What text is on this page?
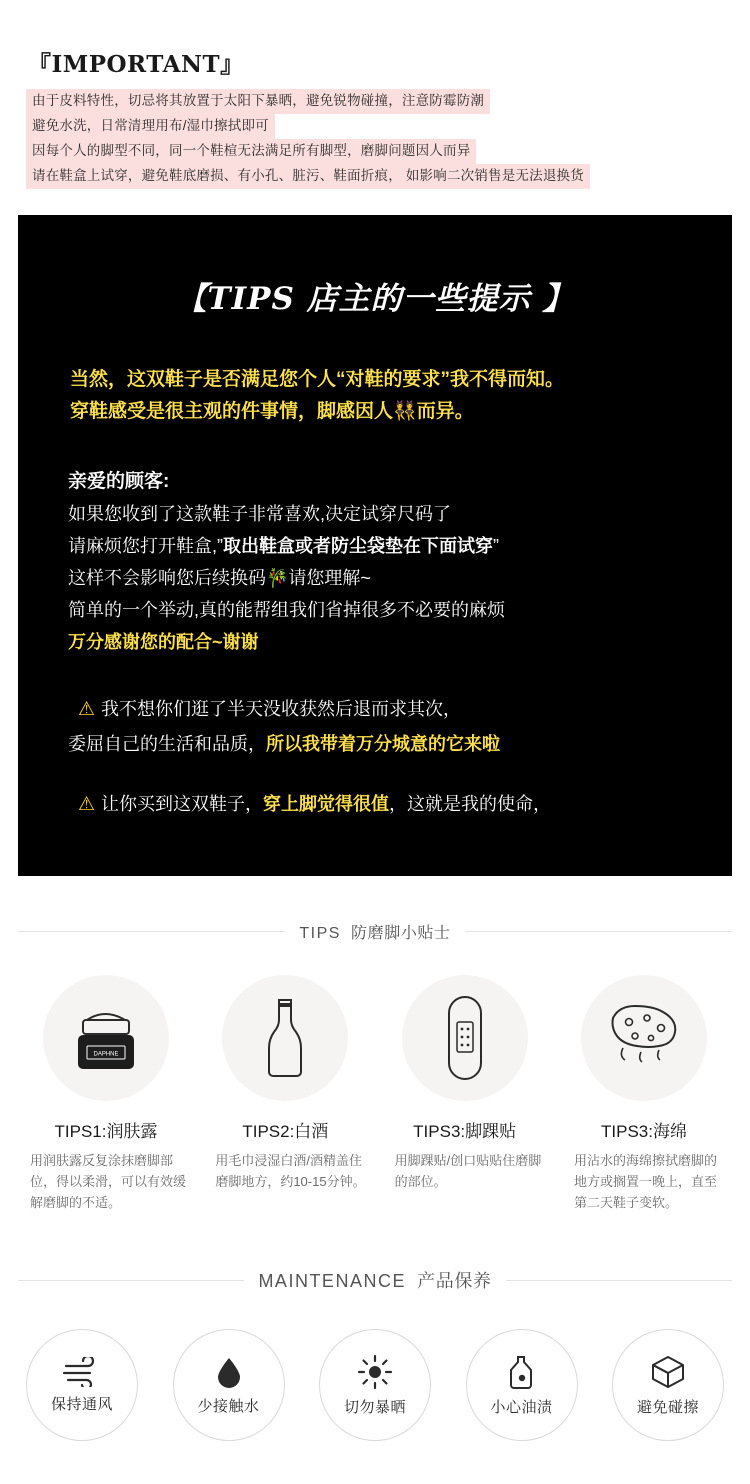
『IMPORTANT』
由于皮料特性，切忌将其放置于太阳下暴晒，避免锐物碰撞，注意防霉防潮
避免水洗，日常清理用布/湿巾擦拭即可
因每个人的脚型不同，同一个鞋楦无法满足所有脚型，磨脚问题因人而异
请在鞋盒上试穿，避免鞋底磨损、有小孔、脏污、鞋面折痕， 如影响二次销售是无法退换货
【TIPS 店主的一些提示 】
当然，这双鞋子是否满足您个人“对鞋的要求”我不得而知。
穿鞋感受是很主观的件事情，脚感因人👯而异。
亲爱的顾客:
如果您收到了这款鞋子非常喜欢,决定试穿尺码了
请麻烦您打开鞋盒,”取出鞋盒或者防尘袋垫在下面试穿”
这样不会影响您后续换码🎋请您理解~
简单的一个举动,真的能帮组我们省掉很多不必要的麻烦
万分感谢您的配合~谢谢
⚠ 我不想你们逛了半天没收获然后退而求其次，
委屈自己的生活和品质，所以我带着万分城意的它来啦
⚠ 让你买到这双鞋子，穿上脚觉得很值，这就是我的使命，
TIPS 防磨脚小贴士
DAPHNE
TIPS1:润肤露
用润肤露反复涂抹磨脚部位，得以柔滑，可以有效缓解磨脚的不适。
TIPS2:白酒
用毛巾浸湿白酒/酒精盖住磨脚地方，约10-15分钟。
TIPS3:脚踝贴
用脚踝贴/创口贴贴住磨脚的部位。
TIPS3:海绵
用沾水的海绵擦拭磨脚的地方或搁置一晚上，直至第二天鞋子变软。
MAINTENANCE 产品保养
保持通风	少接触水	切勿暴晒	小心油渍	避免碰擦
